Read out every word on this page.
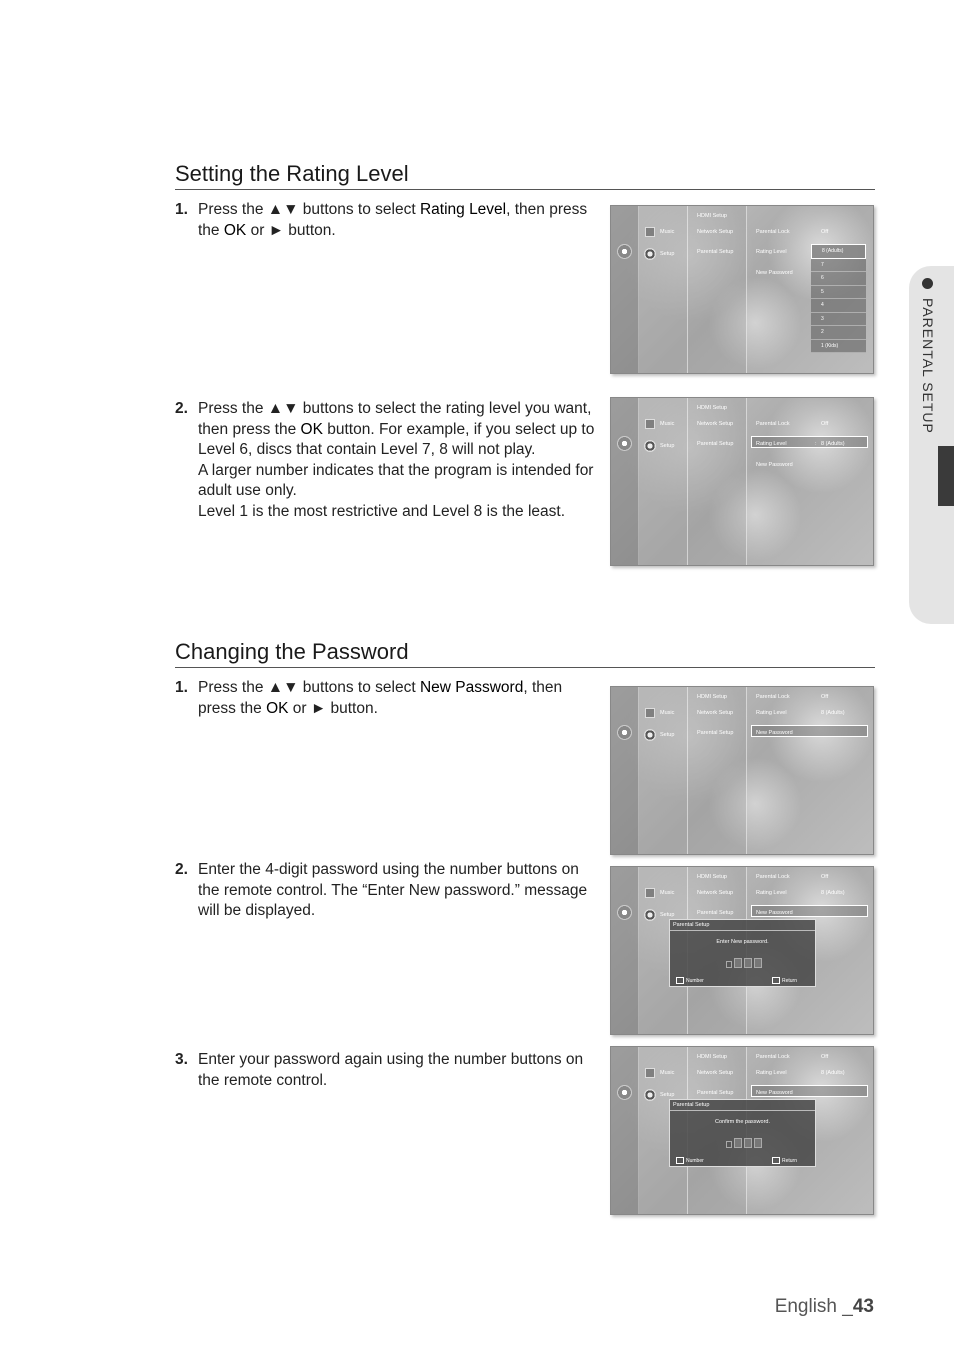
Setting the Rating Level
1. Press the ▲▼ buttons to select Rating Level, then press the OK or ► button.
2. Press the ▲▼ buttons to select the rating level you want, then press the OK button. For example, if you select up to Level 6, discs that contain Level 7, 8 will not play.

A larger number indicates that the program is intended for adult use only.

Level 1 is the most restrictive and Level 8 is the least.

Changing the Password
1. Press the ▲▼ buttons to select New Password, then press the OK or ► button.
2. Enter the 4-digit password using the number buttons on the remote control. The “Enter New password.” message will be displayed.
3. Enter your password again using the number buttons on the remote control.
Music
Setup
HDMI Setup
Network Setup
Parental Setup
Parental Lock	Off
Rating Level
New Password
8 (Adults)
7
6
5
4
3
2
1 (Kids)
Music
Setup
HDMI Setup
Network Setup
Parental Setup
Parental Lock	Off
Rating Level	: 8 (Adults)
New Password
Music
Setup
HDMI Setup
Network Setup
Parental Setup
Parental Lock	Off
Rating Level	8 (Adults)
New Password
Music
Setup
HDMI Setup
Network Setup
Parental Setup
Parental Lock	Off
Rating Level	8 (Adults)
New Password
Parental Setup
Enter New password.
Number	Return
Music
Setup
HDMI Setup
Network Setup
Parental Setup
Parental Lock	Off
Rating Level	8 (Adults)
New Password
Parental Setup
Confirm the password.
Number	Return
PARENTAL SETUP
English _43
